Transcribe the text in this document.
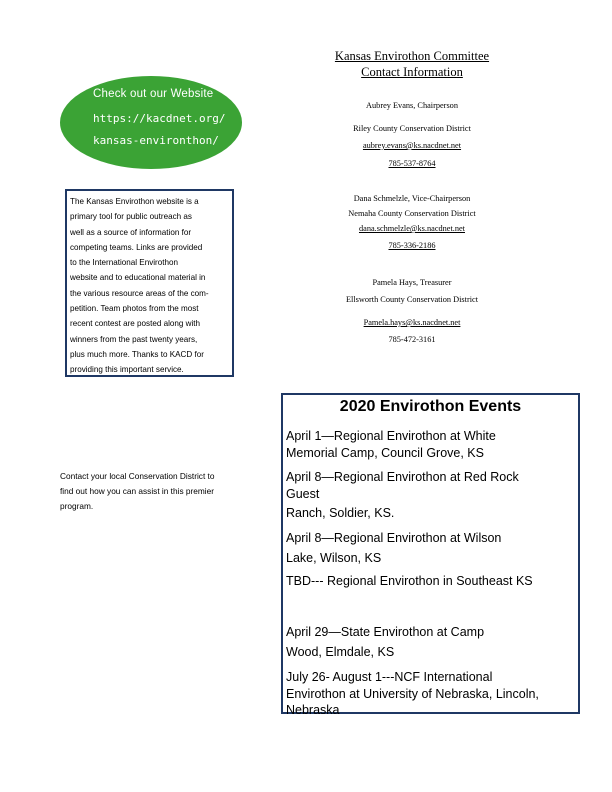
Kansas Envirothon Committee
Contact Information
Aubrey Evans, Chairperson
Riley County Conservation District
aubrey.evans@ks.nacdnet.net
785-537-8764
Dana Schmelzle, Vice-Chairperson
Nemaha County Conservation District
dana.schmelzle@ks.nacdnet.net
785-336-2186
Pamela Hays, Treasurer
Ellsworth County Conservation District
Pamela.hays@ks.nacdnet.net
785-472-3161
Check out our Website
https://kacdnet.org/
kansas-environthon/
The Kansas Envirothon website is a
primary tool for public outreach as
well as a source of information for
competing teams. Links are provided
to the International Envirothon
website and to educational material in
the various resource areas of the com-
petition. Team photos from the most
recent contest are posted along with
winners from the past twenty years,
plus much more. Thanks to KACD for
providing this important service.
Contact your local Conservation District to
find out how you can assist in this premier
program.
2020 Envirothon Events
April 1—Regional Envirothon at White
Memorial Camp, Council Grove, KS
April 8—Regional Envirothon at Red Rock
Guest
Ranch, Soldier, KS.
April 8—Regional Envirothon at Wilson
Lake, Wilson, KS
TBD--- Regional Envirothon in Southeast KS
April 29—State Envirothon at Camp
Wood, Elmdale, KS
July 26- August 1---NCF International
Envirothon at University of Nebraska, Lincoln,
Nebraska
